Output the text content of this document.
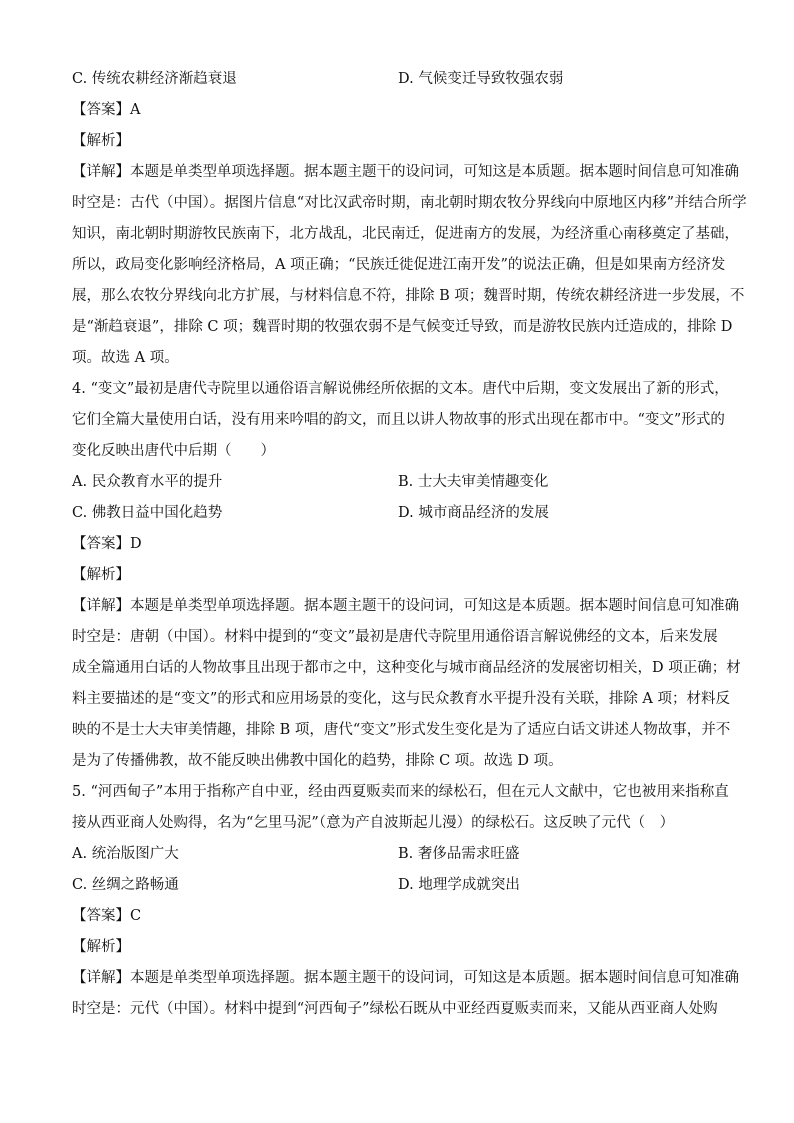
C. 传统农耕经济渐趋衰退	D. 气候变迁导致牧强农弱
【答案】A
【解析】
【详解】本题是单类型单项选择题。据本题主题干的设问词，可知这是本质题。据本题时间信息可知准确
时空是：古代（中国）。据图片信息“对比汉武帝时期，南北朝时期农牧分界线向中原地区内移”并结合所学
知识，南北朝时期游牧民族南下，北方战乱，北民南迁，促进南方的发展，为经济重心南移奠定了基础，
所以，政局变化影响经济格局，A 项正确；“民族迁徙促进江南开发”的说法正确，但是如果南方经济发
展，那么农牧分界线向北方扩展，与材料信息不符，排除 B 项；魏晋时期，传统农耕经济进一步发展，不
是“渐趋衰退”，排除 C 项；魏晋时期的牧强农弱不是气候变迁导致，而是游牧民族内迁造成的，排除 D
项。故选 A 项。
4. “变文”最初是唐代寺院里以通俗语言解说佛经所依据的文本。唐代中后期，变文发展出了新的形式，
它们全篇大量使用白话，没有用来吟唱的韵文，而且以讲人物故事的形式出现在都市中。“变文”形式的
变化反映出唐代中后期（　　）
A. 民众教育水平的提升	B. 士大夫审美情趣变化
C. 佛教日益中国化趋势	D. 城市商品经济的发展
【答案】D
【解析】
【详解】本题是单类型单项选择题。据本题主题干的设问词，可知这是本质题。据本题时间信息可知准确
时空是：唐朝（中国）。材料中提到的“变文”最初是唐代寺院里用通俗语言解说佛经的文本，后来发展
成全篇通用白话的人物故事且出现于都市之中，这种变化与城市商品经济的发展密切相关，D 项正确；材
料主要描述的是“变文”的形式和应用场景的变化，这与民众教育水平提升没有关联，排除 A 项；材料反
映的不是士大夫审美情趣，排除 B 项，唐代“变文”形式发生变化是为了适应白话文讲述人物故事，并不
是为了传播佛教，故不能反映出佛教中国化的趋势，排除 C 项。故选 D 项。
5. “河西甸子”本用于指称产自中亚，经由西夏贩卖而来的绿松石，但在元人文献中，它也被用来指称直
接从西亚商人处购得，名为“乞里马泥”（意为产自波斯起儿漫）的绿松石。这反映了元代（　）
A. 统治版图广大	B. 奢侈品需求旺盛
C. 丝绸之路畅通	D. 地理学成就突出
【答案】C
【解析】
【详解】本题是单类型单项选择题。据本题主题干的设问词，可知这是本质题。据本题时间信息可知准确
时空是：元代（中国）。材料中提到“河西甸子”绿松石既从中亚经西夏贩卖而来，又能从西亚商人处购
